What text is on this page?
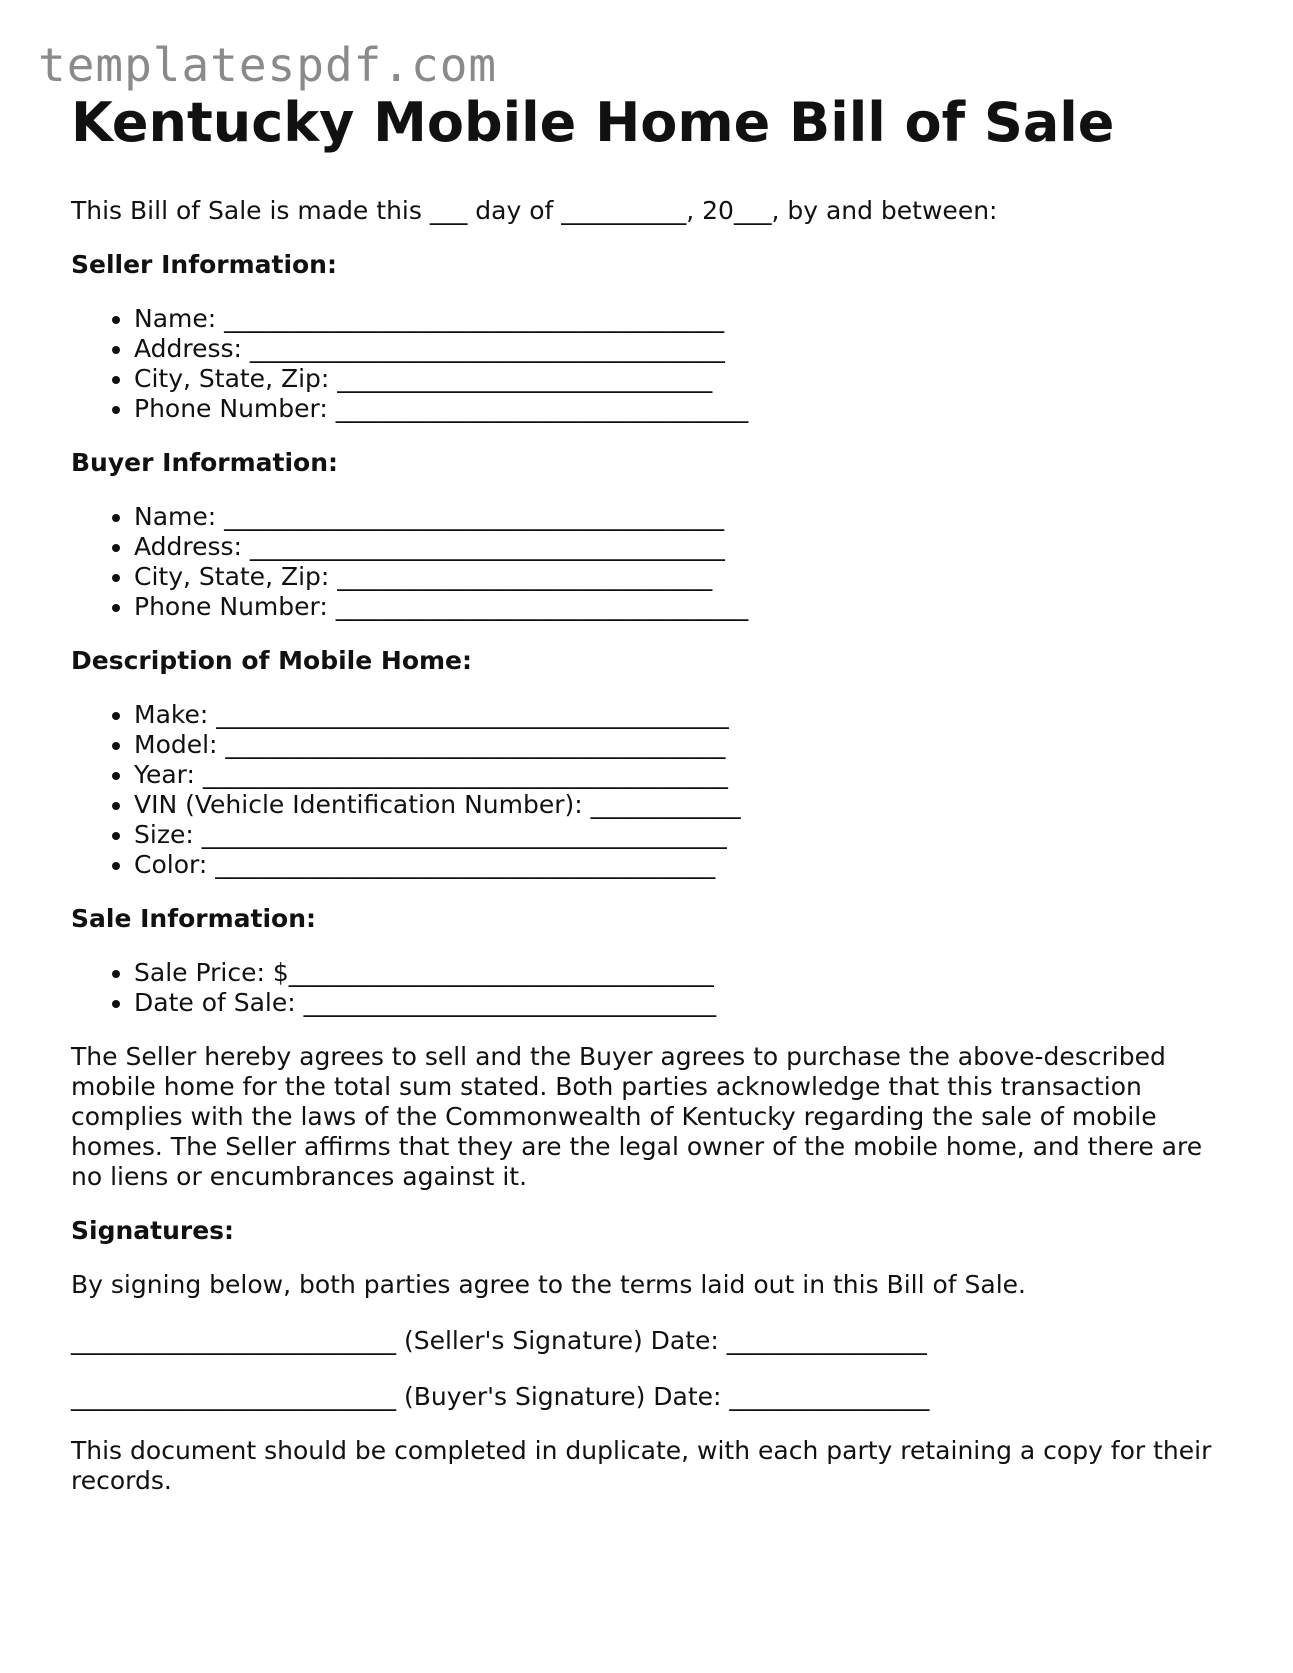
templatespdf.com
Kentucky Mobile Home Bill of Sale

This Bill of Sale is made this ___ day of __________, 20___, by and between:

Seller Information:

• Name: ________________________________________
• Address: ______________________________________
• City, State, Zip: ______________________________
• Phone Number: _________________________________

Buyer Information:

• Name: ________________________________________
• Address: ______________________________________
• City, State, Zip: ______________________________
• Phone Number: _________________________________

Description of Mobile Home:

• Make: _________________________________________
• Model: ________________________________________
• Year: __________________________________________
• VIN (Vehicle Identification Number): ____________
• Size: __________________________________________
• Color: ________________________________________

Sale Information:

• Sale Price: $__________________________________
• Date of Sale: _________________________________

The Seller hereby agrees to sell and the Buyer agrees to purchase the above-described mobile home for the total sum stated. Both parties acknowledge that this transaction complies with the laws of the Commonwealth of Kentucky regarding the sale of mobile homes. The Seller affirms that they are the legal owner of the mobile home, and there are no liens or encumbrances against it.

Signatures:

By signing below, both parties agree to the terms laid out in this Bill of Sale.

__________________________ (Seller's Signature) Date: ________________

__________________________ (Buyer's Signature) Date: ________________

This document should be completed in duplicate, with each party retaining a copy for their records.
